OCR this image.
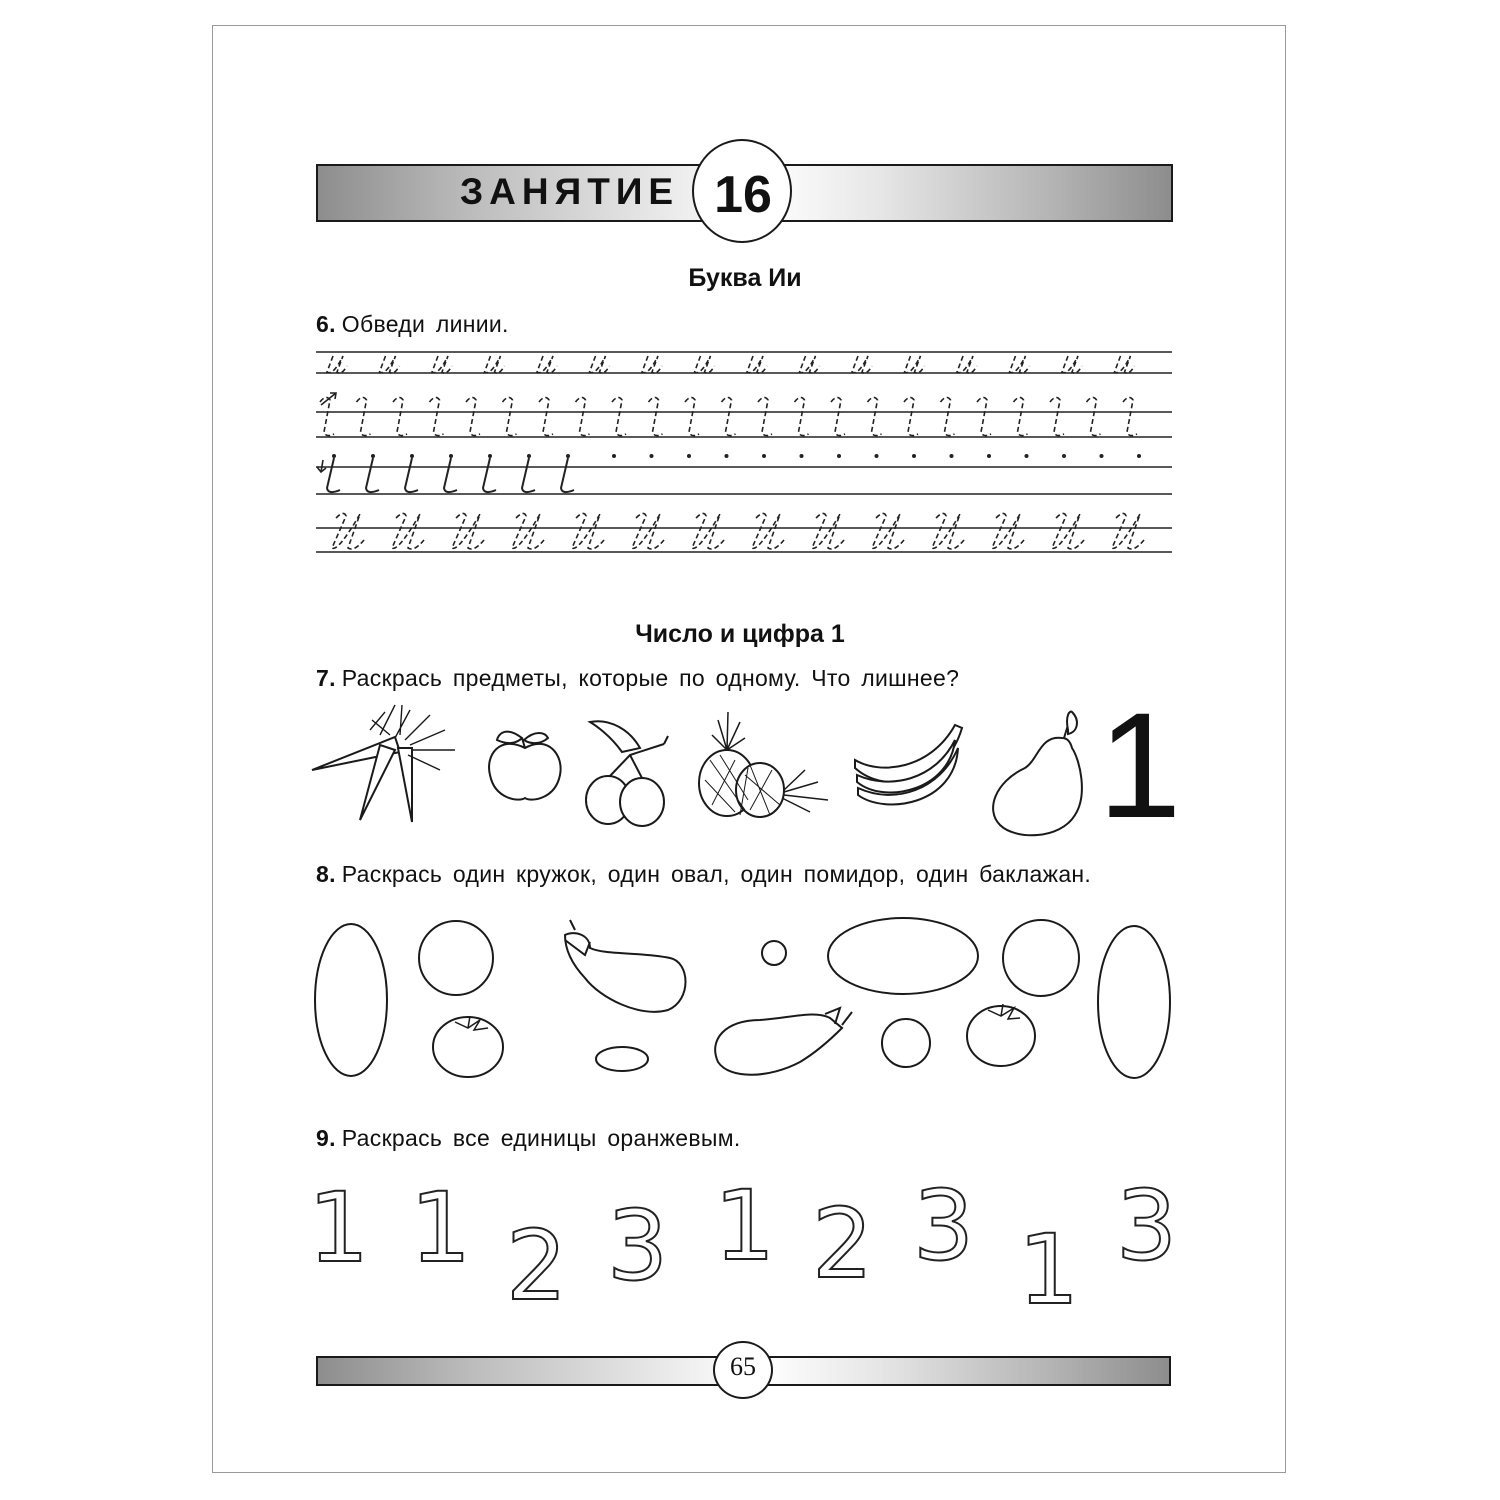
ЗАНЯТИЕ 16
Буква Ии
6. Обведи линии.
Число и цифра 1
7. Раскрась предметы, которые по одному. Что лишнее?
1
8. Раскрась один кружок, один овал, один помидор, один баклажан.
9. Раскрась все единицы оранжевым.
1 1 2 3 1 2 3 1 3
65
